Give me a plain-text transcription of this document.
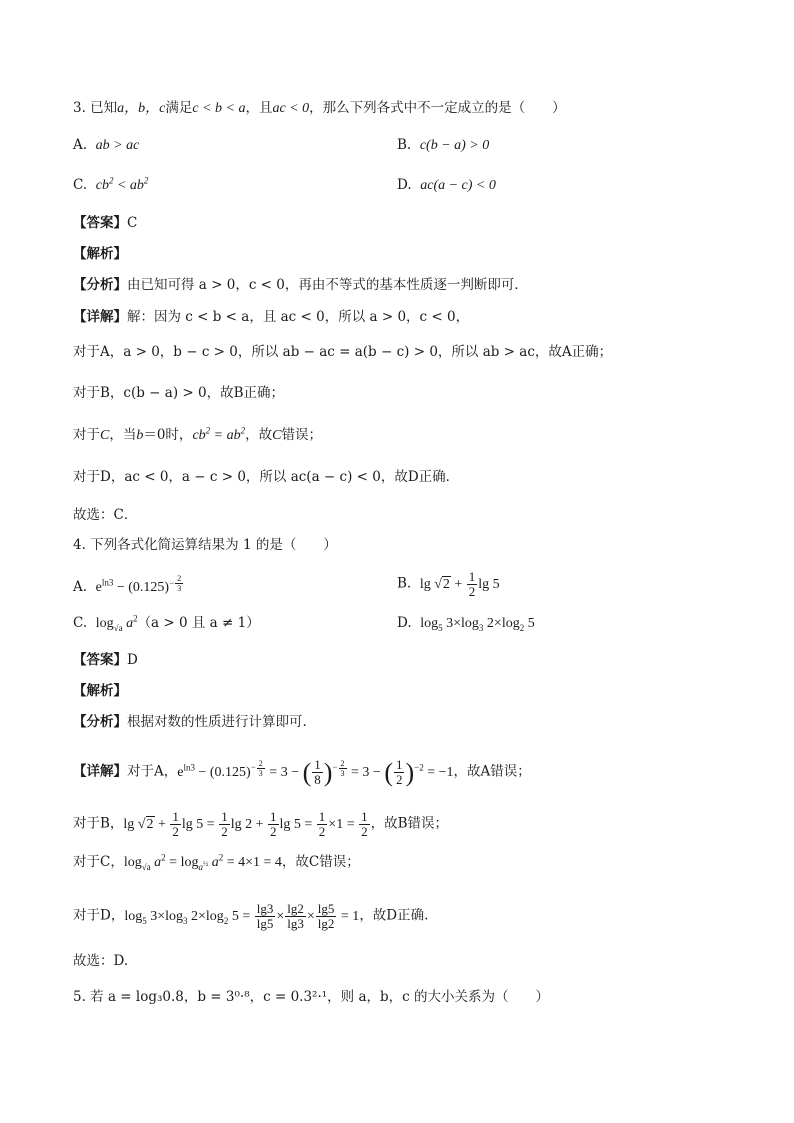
3. 已知a，b，c满足c < b < a，且ac < 0，那么下列各式中不一定成立的是（　　）
A. ab > ac	B. c(b − a) > 0
C. $cb^2 < ab^2$	D. ac(a − c) < 0
【答案】C
【解析】
【分析】由已知可得 a > 0，c < 0，再由不等式的基本性质逐一判断即可．
【详解】解：因为 c < b < a，且 ac < 0，所以 a > 0，c < 0，
对于A，a > 0，b − c > 0，所以 ab − ac = a(b − c) > 0，所以 ab > ac，故A正确；
对于B，c(b − a) > 0，故B正确；
对于C，当b＝0时，$cb^2 = ab^2$，故C错误；
对于D，ac < 0，a − c > 0，所以 ac(a − c) < 0，故D正确．
故选：C．
4. 下列各式化简运算结果为 1 的是（　　）
A. $e^{ln3} - (0.125)^{- \frac{2}{3}}$	B. $\lg √2 + \frac{1}{2}$ lg 5
C. $\log_{√a} a^2(a > 0$ 且 a ≠ 1）	D. $\log_5 3\times\log_3$ $2\times\log_2$ 5
【答案】D
【解析】
【分析】根据对数的性质进行计算即可.
【详解】对于A，$e^{ln3} - (0.125)^{- \frac{2}{3}} = 3$ − ( $\frac{1}{8} )^{- \frac{2}{3}} = 3$ − ( $\frac{1}{2} )^{-2} = -1$，故A错误；
对于B，$\lg √2 + \frac{1}{2}$ $\lg 5 = \frac{1}{2}$ $\lg 2 + \frac{1}{2}$ $\lg 5 = \frac{1}{2} \times 1 = \frac{1}{2}$ ，故B错误；
对于C，$\log_{√a} a^2 = \log_{a^{\frac{1}{2}}} a^2 = 4\times 1 = 4$，故C错误；
对于D，$\log_5 3\times\log_3$ $2\times\log_2$ $5 = \frac{\lg 3}{\lg 5} \times \frac{\lg 2}{\lg 3} \times \frac{\lg 5}{\lg 2} = 1$，故D正确.
故选：D.
5. 若 a = log₃0.8，b = 3⁰·⁸，c = 0.3²·¹，则 a，b，c 的大小关系为（　　）
